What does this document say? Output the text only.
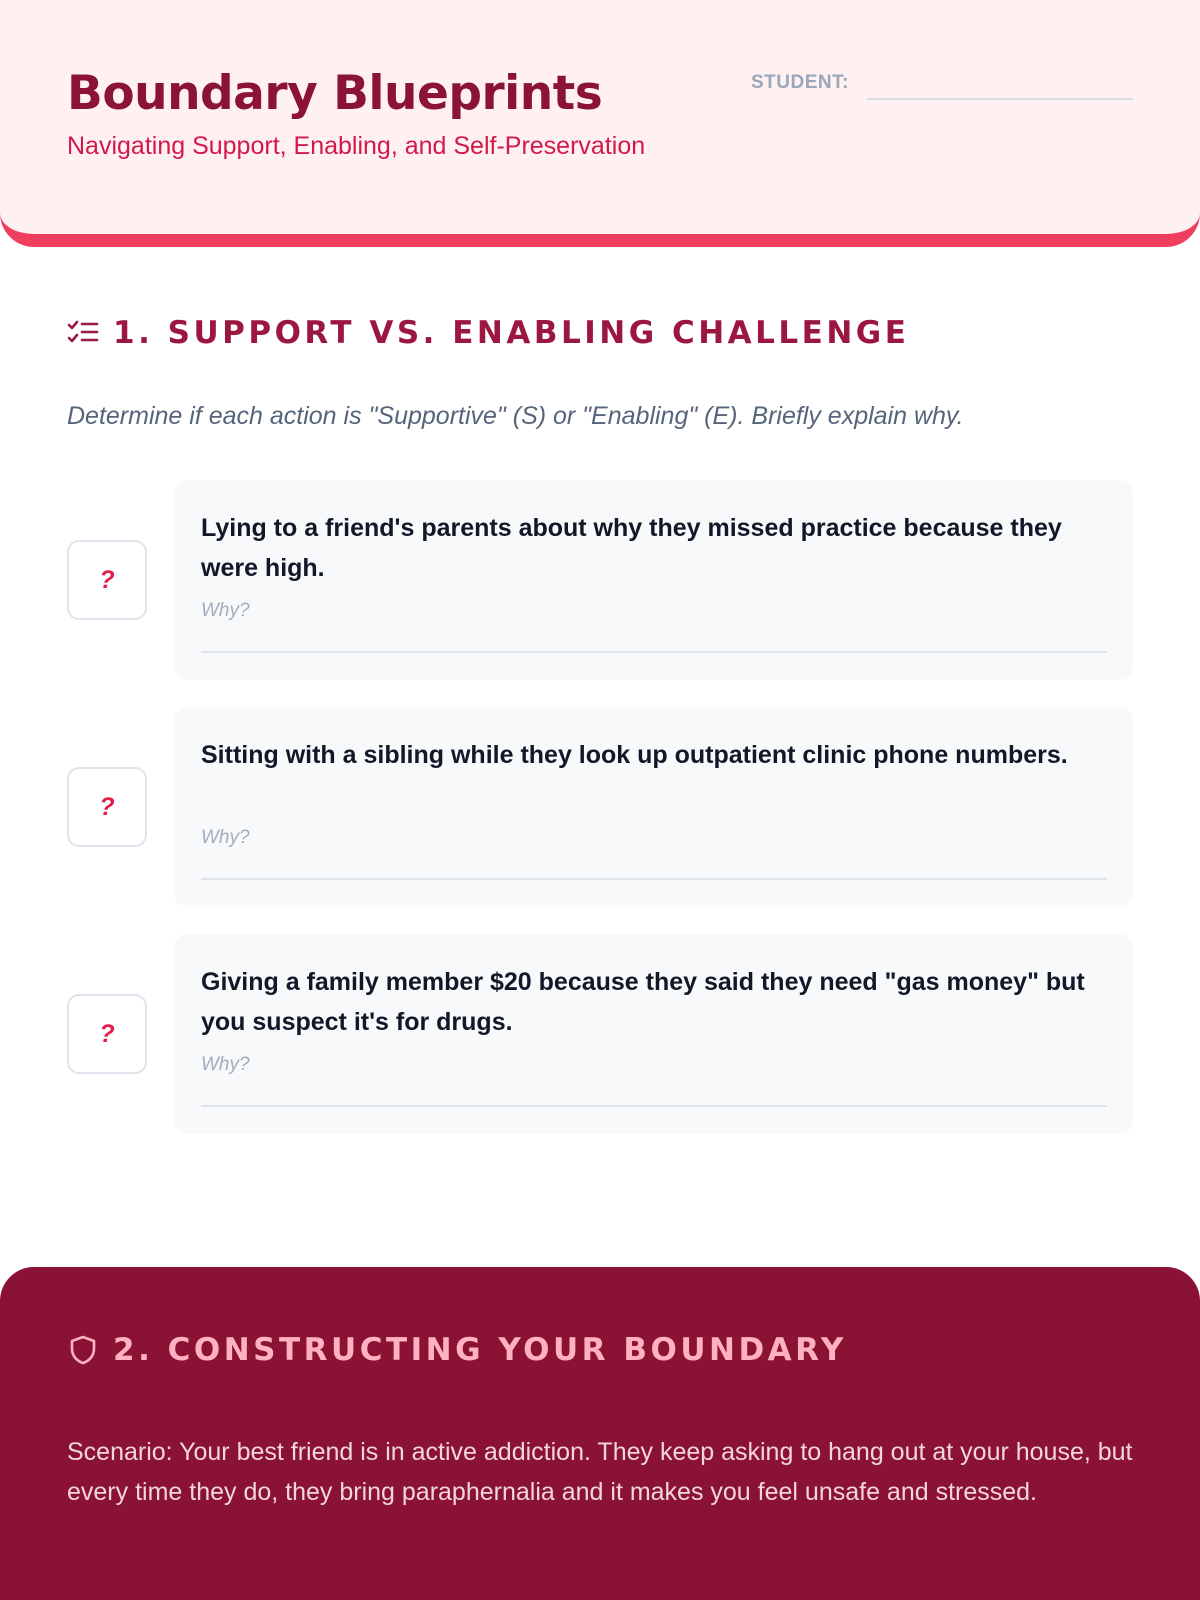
Boundary Blueprints
Navigating Support, Enabling, and Self-Preservation
STUDENT:
1. SUPPORT VS. ENABLING CHALLENGE
Determine if each action is "Supportive" (S) or "Enabling" (E). Briefly explain why.
?
Lying to a friend's parents about why they missed practice because they were high.
Why?
?
Sitting with a sibling while they look up outpatient clinic phone numbers.
Why?
?
Giving a family member $20 because they said they need "gas money" but you suspect it's for drugs.
Why?
2. CONSTRUCTING YOUR BOUNDARY
Scenario: Your best friend is in active addiction. They keep asking to hang out at your house, but every time they do, they bring paraphernalia and it makes you feel unsafe and stressed.
